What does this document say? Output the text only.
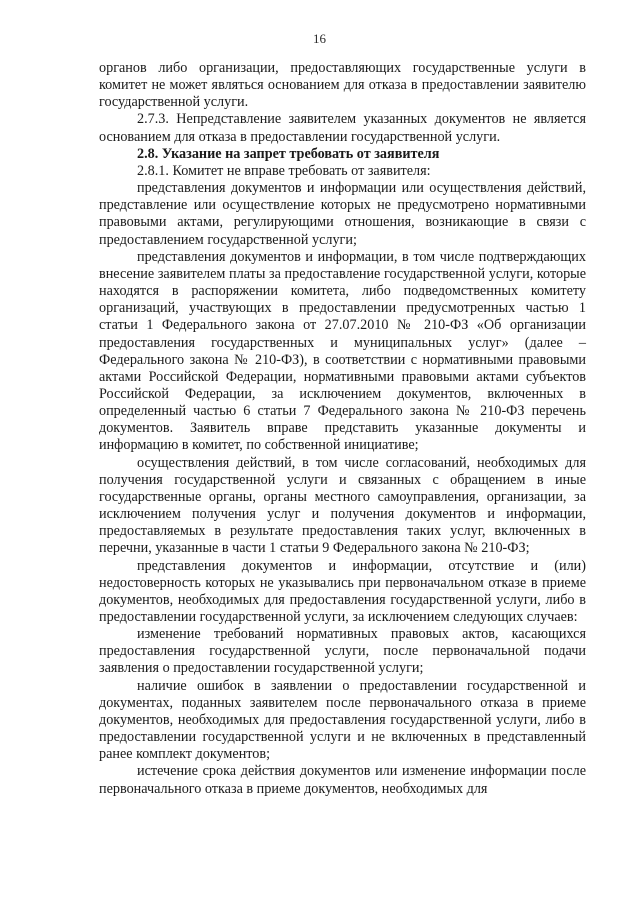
16

органов либо организации, предоставляющих государственные услуги в комитет не может являться основанием для отказа в предоставлении заявителю государственной услуги.

2.7.3. Непредставление заявителем указанных документов не является основанием для отказа в предоставлении государственной услуги.

2.8. Указание на запрет требовать от заявителя

2.8.1. Комитет не вправе требовать от заявителя:

представления документов и информации или осуществления действий, представление или осуществление которых не предусмотрено нормативными правовыми актами, регулирующими отношения, возникающие в связи с предоставлением государственной услуги;

представления документов и информации, в том числе подтверждающих внесение заявителем платы за предоставление государственной услуги, которые находятся в распоряжении комитета, либо подведомственных комитету организаций, участвующих в предоставлении предусмотренных частью 1 статьи 1 Федерального закона от 27.07.2010 № 210-ФЗ «Об организации предоставления государственных и муниципальных услуг» (далее – Федерального закона № 210-ФЗ), в соответствии с нормативными правовыми актами Российской Федерации, нормативными правовыми актами субъектов Российской Федерации, за исключением документов, включенных в определенный частью 6 статьи 7 Федерального закона № 210-ФЗ перечень документов. Заявитель вправе представить указанные документы и информацию в комитет, по собственной инициативе;

осуществления действий, в том числе согласований, необходимых для получения государственной услуги и связанных с обращением в иные государственные органы, органы местного самоуправления, организации, за исключением получения услуг и получения документов и информации, предоставляемых в результате предоставления таких услуг, включенных в перечни, указанные в части 1 статьи 9 Федерального закона № 210-ФЗ;

представления документов и информации, отсутствие и (или) недостоверность которых не указывались при первоначальном отказе в приеме документов, необходимых для предоставления государственной услуги, либо в предоставлении государственной услуги, за исключением следующих случаев:

изменение требований нормативных правовых актов, касающихся предоставления государственной услуги, после первоначальной подачи заявления о предоставлении государственной услуги;

наличие ошибок в заявлении о предоставлении государственной и документах, поданных заявителем после первоначального отказа в приеме документов, необходимых для предоставления государственной услуги, либо в предоставлении государственной услуги и не включенных в представленный ранее комплект документов;

истечение срока действия документов или изменение информации после первоначального отказа в приеме документов, необходимых для
